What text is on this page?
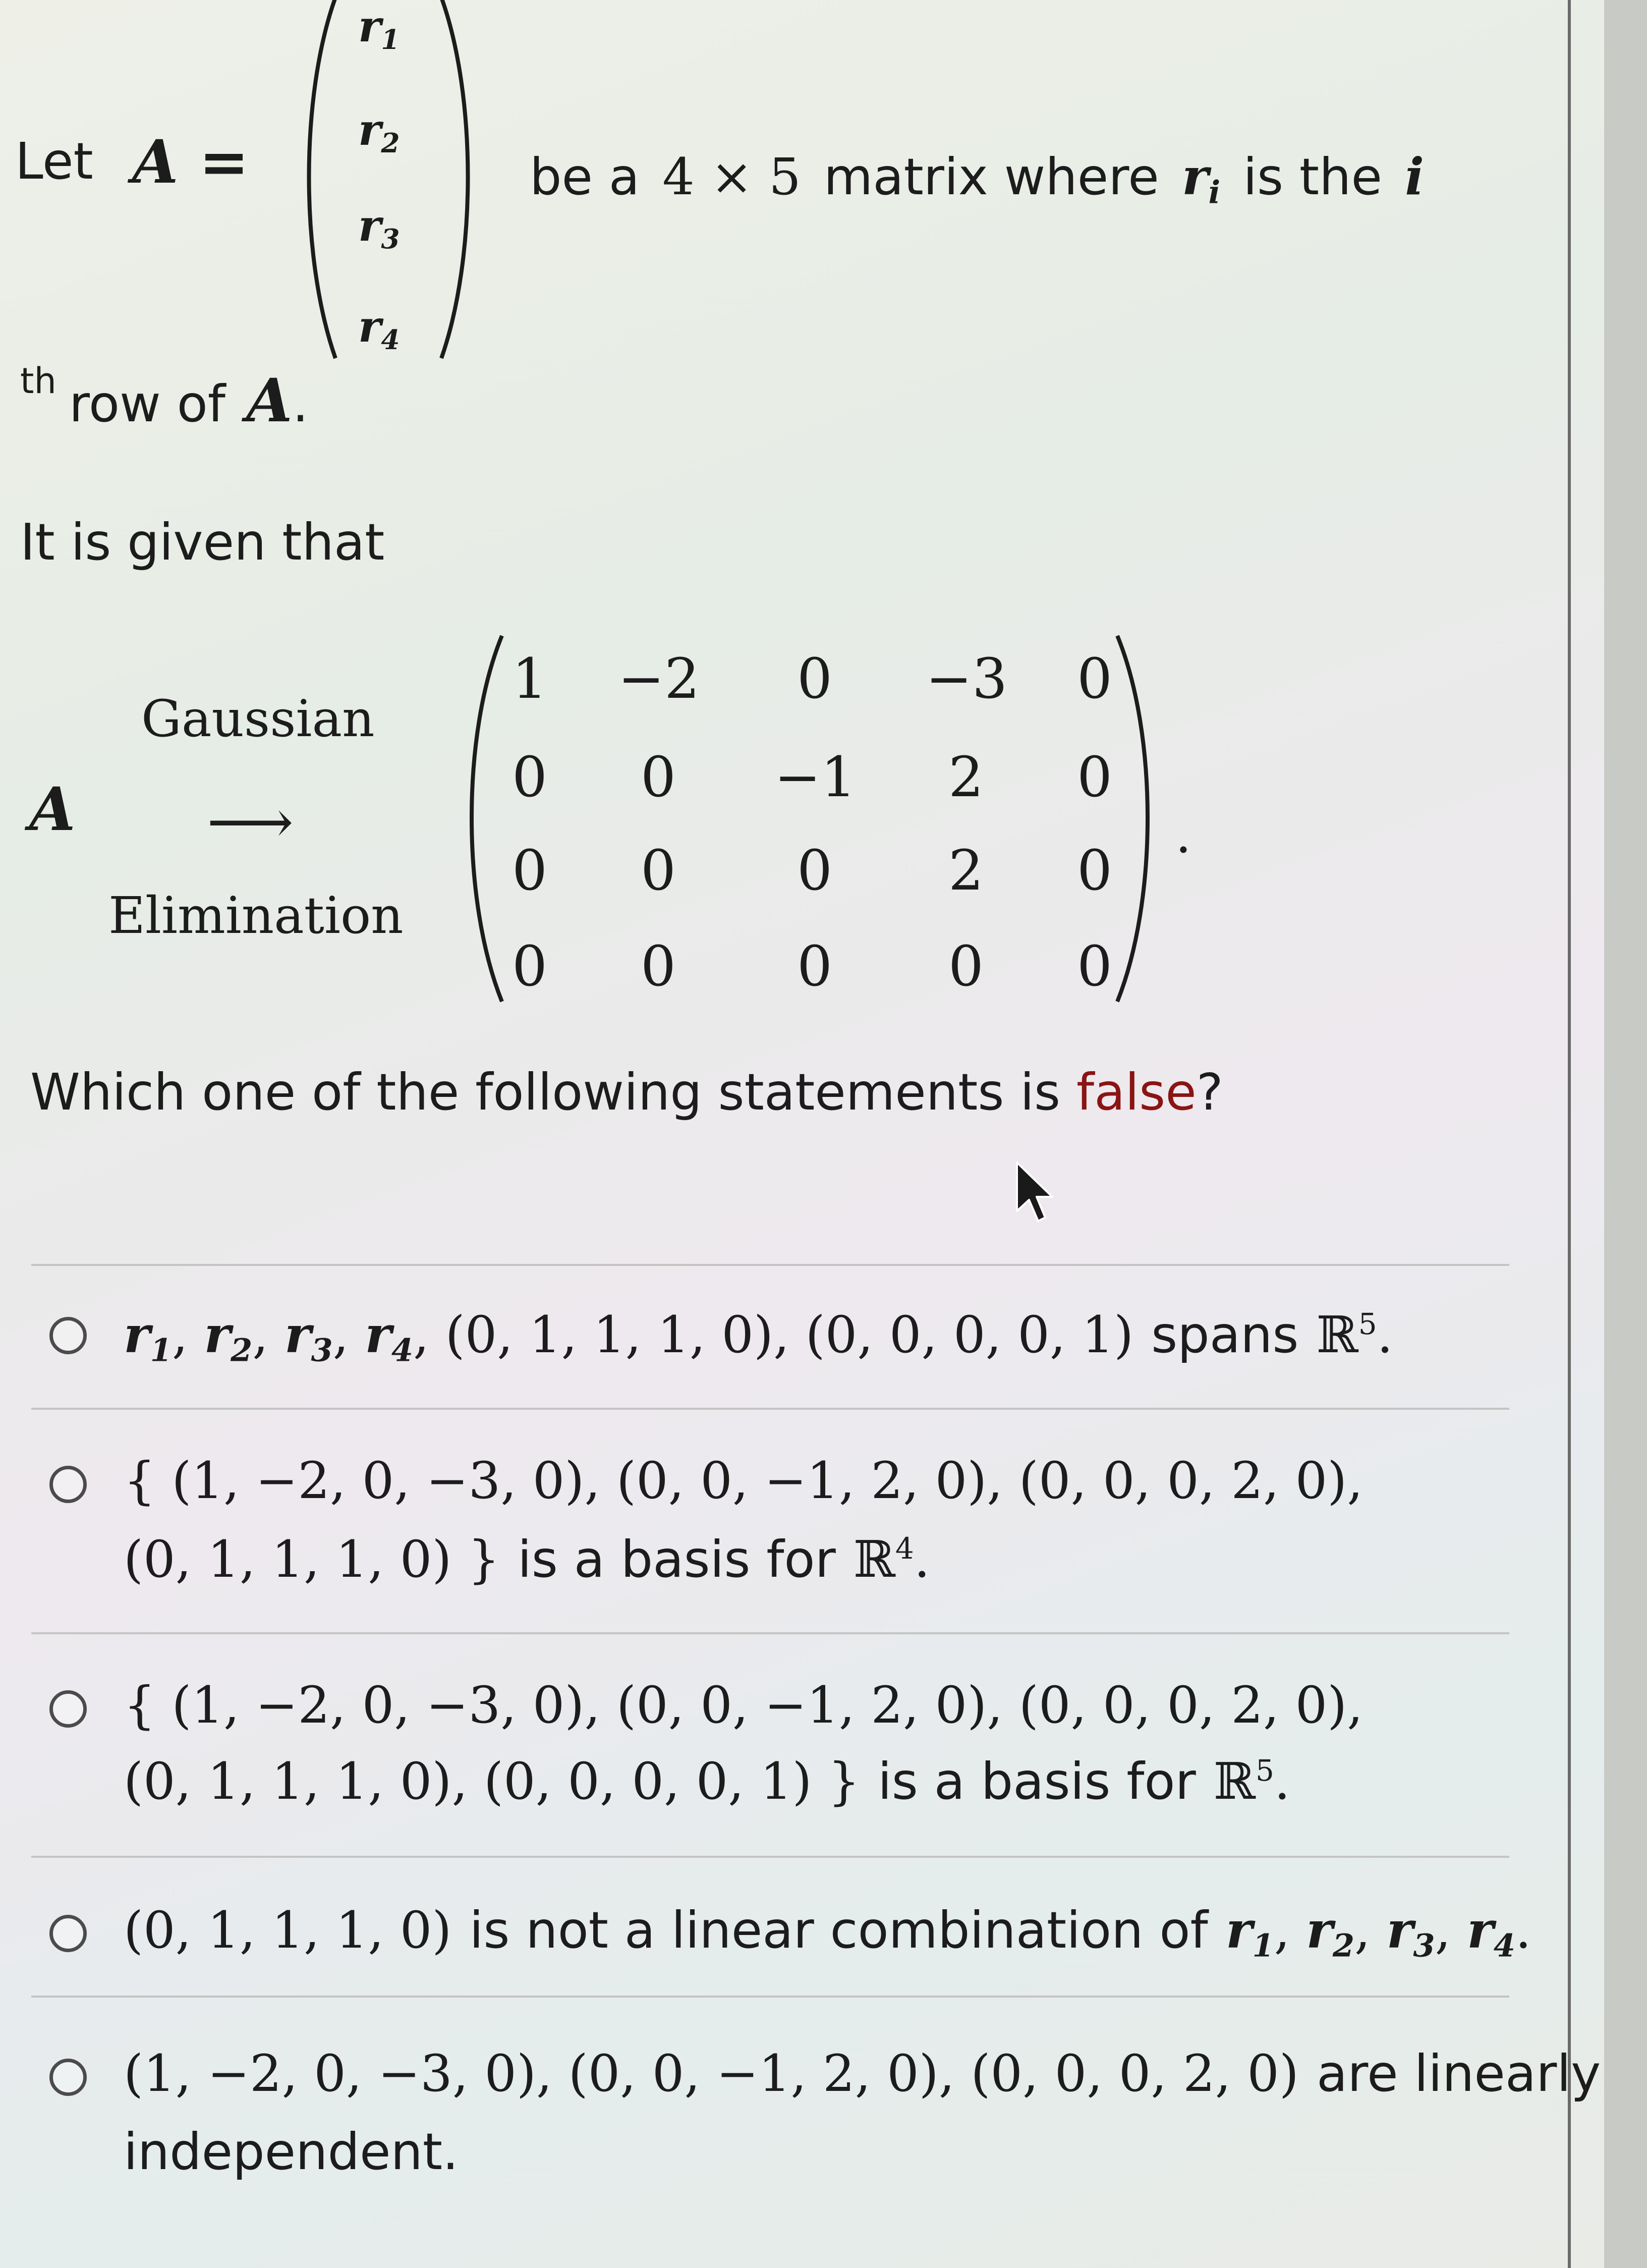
Let A =
$r_1$
$r_2$
$r_3$
$r_4$
be a 4 × 5 matrix where $r_i$ is the i
th row of A.
It is given that
A
Gaussian
⟶
Elimination
1	−2	0	−3	0
0	0	−1	2	0
0	0	0	2	0
0	0	0	0	0
.
Which one of the following statements is false?
$r_1$, $r_2$, $r_3$, $r_4$, (0, 1, 1, 1, 0), (0, 0, 0, 0, 1) spans ℝ$^5$.
{ (1, −2, 0, −3, 0), (0, 0, −1, 2, 0), (0, 0, 0, 2, 0),
(0, 1, 1, 1, 0) } is a basis for ℝ$^4$.
{ (1, −2, 0, −3, 0), (0, 0, −1, 2, 0), (0, 0, 0, 2, 0),
(0, 1, 1, 1, 0), (0, 0, 0, 0, 1) } is a basis for ℝ$^5$.
(0, 1, 1, 1, 0) is not a linear combination of $r_1$, $r_2$, $r_3$, $r_4$.
(1, −2, 0, −3, 0), (0, 0, −1, 2, 0), (0, 0, 0, 2, 0) are linearly
independent.
